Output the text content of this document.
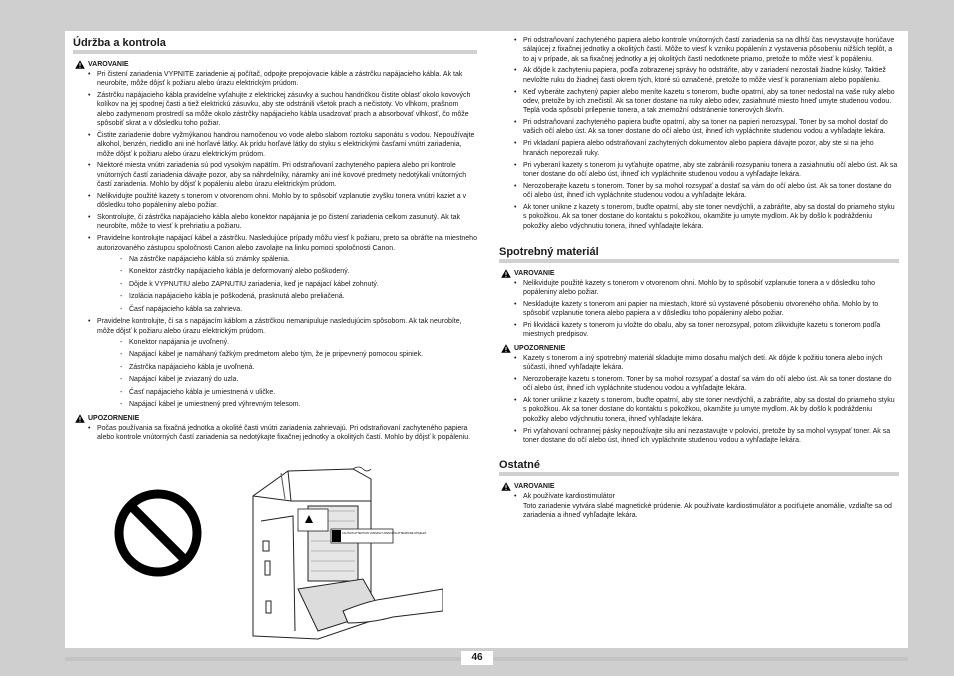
Údržba a kontrola
VAROVANIE
• Pri čistení zariadenia VYPNITE zariadenie aj počítač, odpojte prepojovacie káble a zástrčku napájacieho kábla. Ak tak neurobíte, môže dôjsť k požiaru alebo úrazu elektrickým prúdom.
• Zástrčku napájacieho kábla pravidelne vyťahujte z elektrickej zásuvky a suchou handričkou čistite oblasť okolo kovových kolíkov na jej spodnej časti a tiež elektrickú zásuvku, aby ste odstránili všetok prach a nečistoty. Vo vlhkom, prašnom alebo zadymenom prostredí sa môže okolo zástrčky napájacieho kábla usadzovať prach a absorbovať vlhkosť, čo môže spôsobiť skrat a v dôsledku toho požiar.
• Čistite zariadenie dobre vyžmýkanou handrou namočenou vo vode alebo slabom roztoku saponátu s vodou. Nepoužívajte alkohol, benzén, riedidlo ani iné horľavé látky. Ak prídu horľavé látky do styku s elektrickými časťami vnútri zariadenia, môže dôjsť k požiaru alebo úrazu elektrickým prúdom.
• Niektoré miesta vnútri zariadenia sú pod vysokým napätím. Pri odstraňovaní zachyteného papiera alebo pri kontrole vnútorných častí zariadenia dávajte pozor, aby sa náhrdelníky, náramky ani iné kovové predmety nedotýkali vnútorných častí zariadenia. Mohlo by dôjsť k popáleniu alebo úrazu elektrickým prúdom.
• Nelikvidujte použité kazety s tonerom v otvorenom ohni. Mohlo by to spôsobiť vzplanutie zvyšku tonera vnútri kaziet a v dôsledku toho popáleniny alebo požiar.
• Skontrolujte, či zástrčka napájacieho kábla alebo konektor napájania je po čistení zariadenia celkom zasunutý. Ak tak neurobíte, môže to viesť k prehriatiu a požiaru.
• Pravidelne kontrolujte napájací kábel a zástrčku. Nasledujúce prípady môžu viesť k požiaru, preto sa obráťte na miestneho autorizovaného zástupcu spoločnosti Canon alebo zavolajte na linku pomoci spoločnosti Canon.
- Na zástrčke napájacieho kábla sú známky spálenia.
- Konektor zástrčky napájacieho kábla je deformovaný alebo poškodený.
- Dôjde k VYPNUTIU alebo ZAPNUTIU zariadenia, keď je napájací kábel zohnutý.
- Izolácia napájacieho kábla je poškodená, prasknutá alebo preliačená.
- Časť napájacieho kábla sa zahrieva.
• Pravidelne kontrolujte, či sa s napájacím káblom a zástrčkou nemanipuluje nasledujúcim spôsobom. Ak tak neurobíte, môže dôjsť k požiaru alebo úrazu elektrickým prúdom.
- Konektor napájania je uvoľnený.
- Napájací kábel je namáhaný ťažkým predmetom alebo tým, že je pripevnený pomocou spiniek.
- Zástrčka napájacieho kábla je uvoľnená.
- Napájací kábel je zviazaný do uzla.
- Časť napájacieho kábla je umiestnená v uličke.
- Napájací kábel je umiestnený pred výhrevným telesom.
UPOZORNENIE
• Počas používania sa fixačná jednotka a okolité časti vnútri zariadenia zahrievajú. Pri odstraňovaní zachyteného papiera alebo kontrole vnútorných častí zariadenia sa nedotýkajte fixačnej jednotky a okolitých častí. Mohlo by dôjsť k popáleniu.
CAUTION ATTENTION VORSICHT ATENCIÓN ATTENZIONE OPGELET
• Pri odstraňovaní zachyteného papiera alebo kontrole vnútorných častí zariadenia sa na dlhší čas nevystavujte horúčave sálajúcej z fixačnej jednotky a okolitých častí. Môže to viesť k vzniku popálenín z vystavenia pôsobeniu nižších teplôt, a to aj v prípade, ak sa fixačnej jednotky a jej okolitých častí nedotknete priamo, pretože to môže viesť k popáleniu.
• Ak dôjde k zachyteniu papiera, podľa zobrazenej správy ho odstráňte, aby v zariadení nezostali žiadne kúsky. Taktiež nevložte ruku do žiadnej časti okrem tých, ktoré sú označené, pretože to môže viesť k poraneniam alebo popáleniu.
• Keď vyberáte zachytený papier alebo meníte kazetu s tonerom, buďte opatrní, aby sa toner nedostal na vaše ruky alebo odev, pretože by ich znečistil. Ak sa toner dostane na ruky alebo odev, zasiahnuté miesto hneď umyte studenou vodou. Teplá voda spôsobí prilepenie tonera, a tak znemožní odstránenie tonerových škvŕn.
• Pri odstraňovaní zachyteného papiera buďte opatrní, aby sa toner na papieri nerozsypal. Toner by sa mohol dostať do vašich očí alebo úst. Ak sa toner dostane do očí alebo úst, ihneď ich vypláchnite studenou vodou a vyhľadajte lekára.
• Pri vkladaní papiera alebo odstraňovaní zachytených dokumentov alebo papiera dávajte pozor, aby ste si na jeho hranách neporezali ruky.
• Pri vyberaní kazety s tonerom ju vyťahujte opatrne, aby ste zabránili rozsypaniu tonera a zasiahnutiu očí alebo úst. Ak sa toner dostane do očí alebo úst, ihneď ich vypláchnite studenou vodou a vyhľadajte lekára.
• Nerozoberajte kazetu s tonerom. Toner by sa mohol rozsypať a dostať sa vám do očí alebo úst. Ak sa toner dostane do očí alebo úst, ihneď ich vypláchnite studenou vodou a vyhľadajte lekára.
• Ak toner unikne z kazety s tonerom, buďte opatrní, aby ste toner nevdýchli, a zabráňte, aby sa dostal do priameho styku s pokožkou. Ak sa toner dostane do kontaktu s pokožkou, okamžite ju umyte mydlom. Ak by došlo k podráždeniu pokožky alebo vdýchnutiu tonera, ihneď vyhľadajte lekára.
Spotrebný materiál
VAROVANIE
• Nelikvidujte použité kazety s tonerom v otvorenom ohni. Mohlo by to spôsobiť vzplanutie tonera a v dôsledku toho popáleniny alebo požiar.
• Neskladujte kazety s tonerom ani papier na miestach, ktoré sú vystavené pôsobeniu otvoreného ohňa. Mohlo by to spôsobiť vzplanutie tonera alebo papiera a v dôsledku toho popáleniny alebo požiar.
• Pri likvidácii kazety s tonerom ju vložte do obalu, aby sa toner nerozsypal, potom zlikvidujte kazetu s tonerom podľa miestnych predpisov.
UPOZORNENIE
• Kazety s tonerom a iný spotrebný materiál skladujte mimo dosahu malých detí. Ak dôjde k požitiu tonera alebo iných súčastí, ihneď vyhľadajte lekára.
• Nerozoberajte kazetu s tonerom. Toner by sa mohol rozsypať a dostať sa vám do očí alebo úst. Ak sa toner dostane do očí alebo úst, ihneď ich vypláchnite studenou vodou a vyhľadajte lekára.
• Ak toner unikne z kazety s tonerom, buďte opatrní, aby ste toner nevdýchli, a zabráňte, aby sa dostal do priameho styku s pokožkou. Ak sa toner dostane do kontaktu s pokožkou, okamžite ju umyte mydlom. Ak by došlo k podráždeniu pokožky alebo vdýchnutiu tonera, ihneď vyhľadajte lekára.
• Pri vyťahovaní ochrannej pásky nepoužívajte silu ani nezastavujte v polovici, pretože by sa mohol vysypať toner. Ak sa toner dostane do očí alebo úst, ihneď ich vypláchnite studenou vodou a vyhľadajte lekára.
Ostatné
VAROVANIE
• Ak používate kardiostimulátor
Toto zariadenie vytvára slabé magnetické prúdenie. Ak používate kardiostimulátor a pociťujete anomálie, vzdiaľte sa od zariadenia a ihneď vyhľadajte lekára.
46
